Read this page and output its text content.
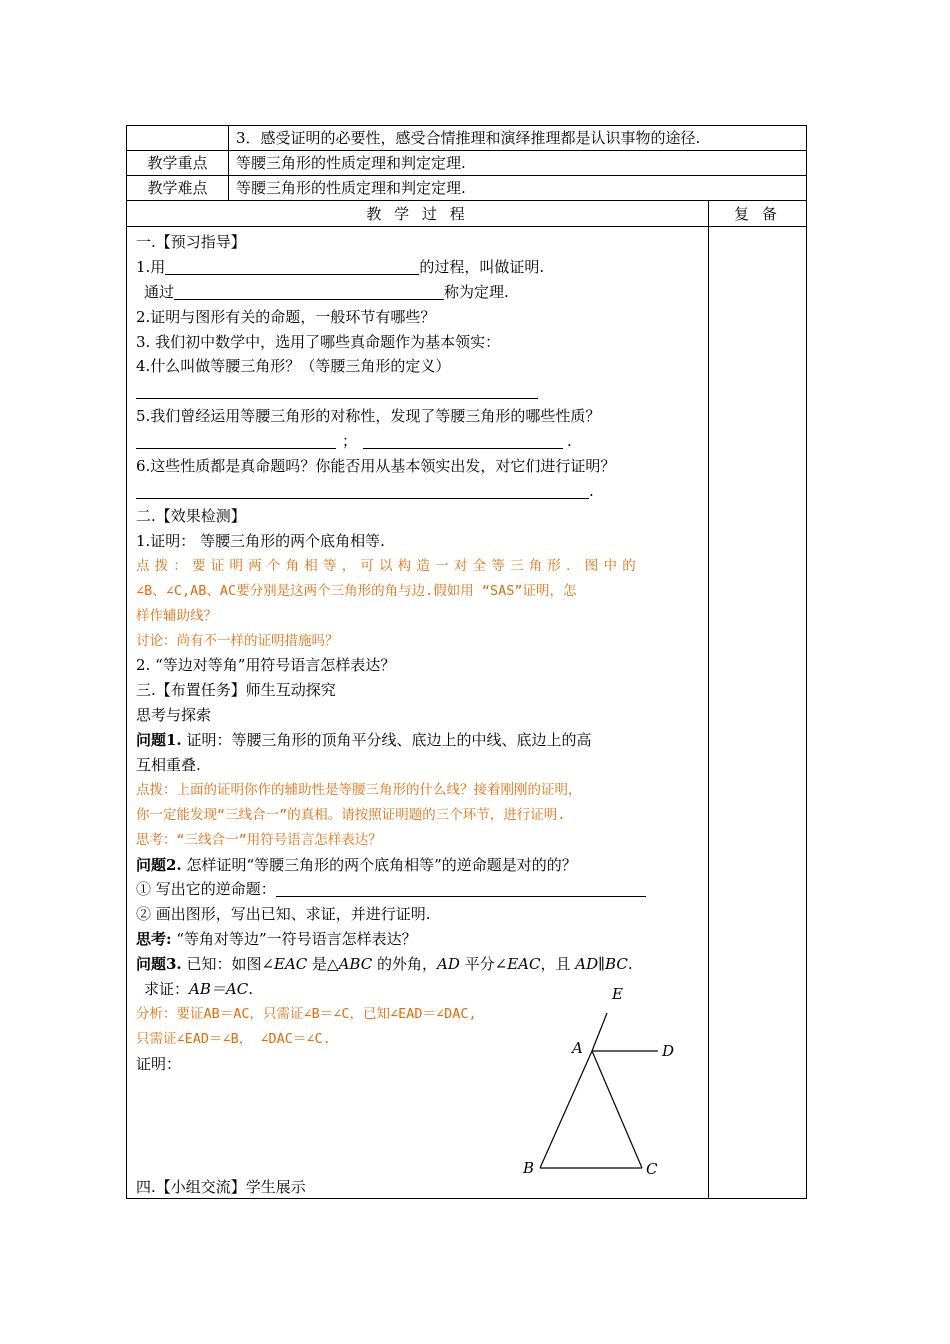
3．感受证明的必要性，感受合情推理和演绎推理都是认识事物的途径.
教学重点	等腰三角形的性质定理和判定定理.
教学难点	等腰三角形的性质定理和判定定理.
教 学 过 程	复 备
一.【预习指导】
1.用	的过程，叫做证明.
通过	称为定理.
2.证明与图形有关的命题，一般环节有哪些？
3. 我们初中数学中，选用了哪些真命题作为基本领实：
4.什么叫做等腰三角形？（等腰三角形的定义）
5.我们曾经运用等腰三角形的对称性，发现了等腰三角形的哪些性质？
；	.
6.这些性质都是真命题吗？你能否用从基本领实出发，对它们进行证明？
.
二.【效果检测】
1.证明： 等腰三角形的两个底角相等.
点拨：要证明两个角相等，可以构造一对全等三角形．图中的
∠B、∠C,AB、AC要分别是这两个三角形的角与边.假如用 “SAS”证明，怎
样作辅助线？
讨论：尚有不一样的证明措施吗？
2. “等边对等角”用符号语言怎样表达？
三.【布置任务】师生互动探究
思考与探索
问题1. 证明：等腰三角形的顶角平分线、底边上的中线、底边上的高
互相重叠.
点拨：上面的证明你作的辅助性是等腰三角形的什么线？接着刚刚的证明，
你一定能发现“三线合一”的真相。请按照证明题的三个环节，进行证明.
思考：“三线合一”用符号语言怎样表达？
问题2. 怎样证明“等腰三角形的两个底角相等”的逆命题是对的的？
① 写出它的逆命题：
② 画出图形，写出已知、求证，并进行证明.
思考: “等角对等边”一符号语言怎样表达？
问题3. 已知：如图∠EAC 是△ABC 的外角，AD 平分∠EAC，且 AD∥BC.
求证：AB＝AC.
分析：要证AB＝AC，只需证∠B＝∠C，已知∠EAD＝∠DAC,
只需证∠EAD＝∠B， ∠DAC＝∠C.
证明：
四.【小组交流】学生展示
E
A	D
B	C
